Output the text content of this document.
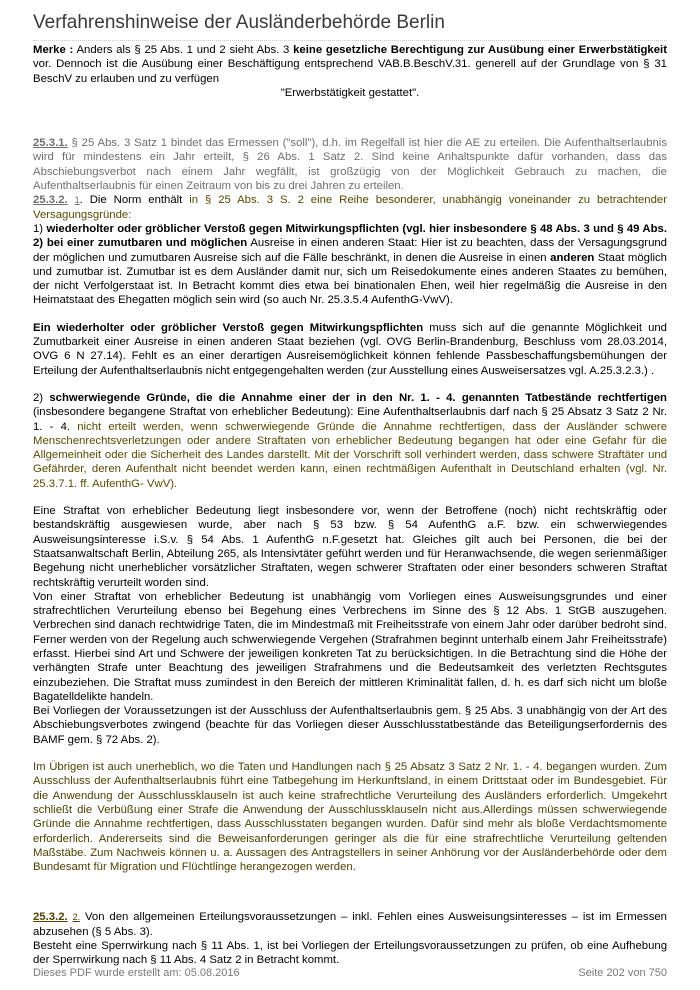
Verfahrenshinweise der Ausländerbehörde Berlin

Merke : Anders als § 25 Abs. 1 und 2 sieht Abs. 3 keine gesetzliche Berechtigung zur Ausübung einer Erwerbstätigkeit vor. Dennoch ist die Ausübung einer Beschäftigung entsprechend VAB.B.BeschV.31. generell auf der Grundlage von § 31 BeschV zu erlauben und zu verfügen

"Erwerbstätigkeit gestattet".

25.3.1. § 25 Abs. 3 Satz 1 bindet das Ermessen ("soll"), d.h. im Regelfall ist hier die AE zu erteilen. Die Aufenthaltserlaubnis wird für mindestens ein Jahr erteilt, § 26 Abs. 1 Satz 2. Sind keine Anhaltspunkte dafür vorhanden, dass das Abschiebungsverbot nach einem Jahr wegfällt, ist großzügig von der Möglichkeit Gebrauch zu machen, die Aufenthaltserlaubnis für einen Zeitraum von bis zu drei Jahren zu erteilen.

25.3.2. 1. Die Norm enthält in § 25 Abs. 3 S. 2 eine Reihe besonderer, unabhängig voneinander zu betrachtender Versagungsgründe:

1) wiederholter oder gröblicher Verstoß gegen Mitwirkungspflichten (vgl. hier insbesondere § 48 Abs. 3 und § 49 Abs. 2) bei einer zumutbaren und möglichen Ausreise in einen anderen Staat: Hier ist zu beachten, dass der Versagungsgrund der möglichen und zumutbaren Ausreise sich auf die Fälle beschränkt, in denen die Ausreise in einen anderen Staat möglich und zumutbar ist. Zumutbar ist es dem Ausländer damit nur, sich um Reisedokumente eines anderen Staates zu bemühen, der nicht Verfolgerstaat ist. In Betracht kommt dies etwa bei binationalen Ehen, weil hier regelmäßig die Ausreise in den Heimatstaat des Ehegatten möglich sein wird (so auch Nr. 25.3.5.4 AufenthG-VwV).

Ein wiederholter oder gröblicher Verstoß gegen Mitwirkungspflichten muss sich auf die genannte Möglichkeit und Zumutbarkeit einer Ausreise in einen anderen Staat beziehen (vgl. OVG Berlin-Brandenburg, Beschluss vom 28.03.2014, OVG 6 N 27.14). Fehlt es an einer derartigen Ausreisemöglichkeit können fehlende Passbeschaffungsbemühungen der Erteilung der Aufenthaltserlaubnis nicht entgegengehalten werden (zur Ausstellung eines Ausweisersatzes vgl. A.25.3.2.3.) .

2) schwerwiegende Gründe, die die Annahme einer der in den Nr. 1. - 4. genannten Tatbestände rechtfertigen (insbesondere begangene Straftat von erheblicher Bedeutung): Eine Aufenthaltserlaubnis darf nach § 25 Absatz 3 Satz 2 Nr. 1. - 4. nicht erteilt werden, wenn schwerwiegende Gründe die Annahme rechtfertigen, dass der Ausländer schwere Menschenrechtsverletzungen oder andere Straftaten von erheblicher Bedeutung begangen hat oder eine Gefahr für die Allgemeinheit oder die Sicherheit des Landes darstellt. Mit der Vorschrift soll verhindert werden, dass schwere Straftäter und Gefährder, deren Aufenthalt nicht beendet werden kann, einen rechtmäßigen Aufenthalt in Deutschland erhalten (vgl. Nr. 25.3.7.1. ff. AufenthG- VwV).

Eine Straftat von erheblicher Bedeutung liegt insbesondere vor, wenn der Betroffene (noch) nicht rechtskräftig oder bestandskräftig ausgewiesen wurde, aber nach § 53 bzw. § 54 AufenthG a.F. bzw. ein schwerwiegendes Ausweisungsinteresse i.S.v. § 54 Abs. 1 AufenthG n.F.gesetzt hat. Gleiches gilt auch bei Personen, die bei der Staatsanwaltschaft Berlin, Abteilung 265, als Intensivtäter geführt werden und für Heranwachsende, die wegen serienmäßiger Begehung nicht unerheblicher vorsätzlicher Straftaten, wegen schwerer Straftaten oder einer besonders schweren Straftat rechtskräftig verurteilt worden sind.

Von einer Straftat von erheblicher Bedeutung ist unabhängig vom Vorliegen eines Ausweisungsgrundes und einer strafrechtlichen Verurteilung ebenso bei Begehung eines Verbrechens im Sinne des § 12 Abs. 1 StGB auszugehen. Verbrechen sind danach rechtwidrige Taten, die im Mindestmaß mit Freiheitsstrafe von einem Jahr oder darüber bedroht sind. Ferner werden von der Regelung auch schwerwiegende Vergehen (Strafrahmen beginnt unterhalb einem Jahr Freiheitsstrafe) erfasst. Hierbei sind Art und Schwere der jeweiligen konkreten Tat zu berücksichtigen. In die Betrachtung sind die Höhe der verhängten Strafe unter Beachtung des jeweiligen Strafrahmens und die Bedeutsamkeit des verletzten Rechtsgutes einzubeziehen. Die Straftat muss zumindest in den Bereich der mittleren Kriminalität fallen, d. h. es darf sich nicht um bloße Bagatelldelikte handeln.

Bei Vorliegen der Voraussetzungen ist der Ausschluss der Aufenthaltserlaubnis gem. § 25 Abs. 3 unabhängig von der Art des Abschiebungsverbotes zwingend (beachte für das Vorliegen dieser Ausschlusstatbestände das Beteiligungserfordernis des BAMF gem. § 72 Abs. 2).

Im Übrigen ist auch unerheblich, wo die Taten und Handlungen nach § 25 Absatz 3 Satz 2 Nr. 1. - 4. begangen wurden. Zum Ausschluss der Aufenthaltserlaubnis führt eine Tatbegehung im Herkunftsland, in einem Drittstaat oder im Bundesgebiet. Für die Anwendung der Ausschlussklauseln ist auch keine strafrechtliche Verurteilung des Ausländers erforderlich. Umgekehrt schließt die Verbüßung einer Strafe die Anwendung der Ausschlussklauseln nicht aus.Allerdings müssen schwerwiegende Gründe die Annahme rechtfertigen, dass Ausschlusstaten begangen wurden. Dafür sind mehr als bloße Verdachtsmomente erforderlich. Andererseits sind die Beweisanforderungen geringer als die für eine strafrechtliche Verurteilung geltenden Maßstäbe. Zum Nachweis können u. a. Aussagen des Antragstellers in seiner Anhörung vor der Ausländerbehörde oder dem Bundesamt für Migration und Flüchtlinge herangezogen werden.

25.3.2. 2. Von den allgemeinen Erteilungsvoraussetzungen – inkl. Fehlen eines Ausweisungsinteresses – ist im Ermessen abzusehen (§ 5 Abs. 3).

Besteht eine Sperrwirkung nach § 11 Abs. 1, ist bei Vorliegen der Erteilungsvoraussetzungen zu prüfen, ob eine Aufhebung der Sperrwirkung nach § 11 Abs. 4 Satz 2 in Betracht kommt.

Dieses PDF wurde erstellt am: 05.08.2016	Seite 202 von 750
